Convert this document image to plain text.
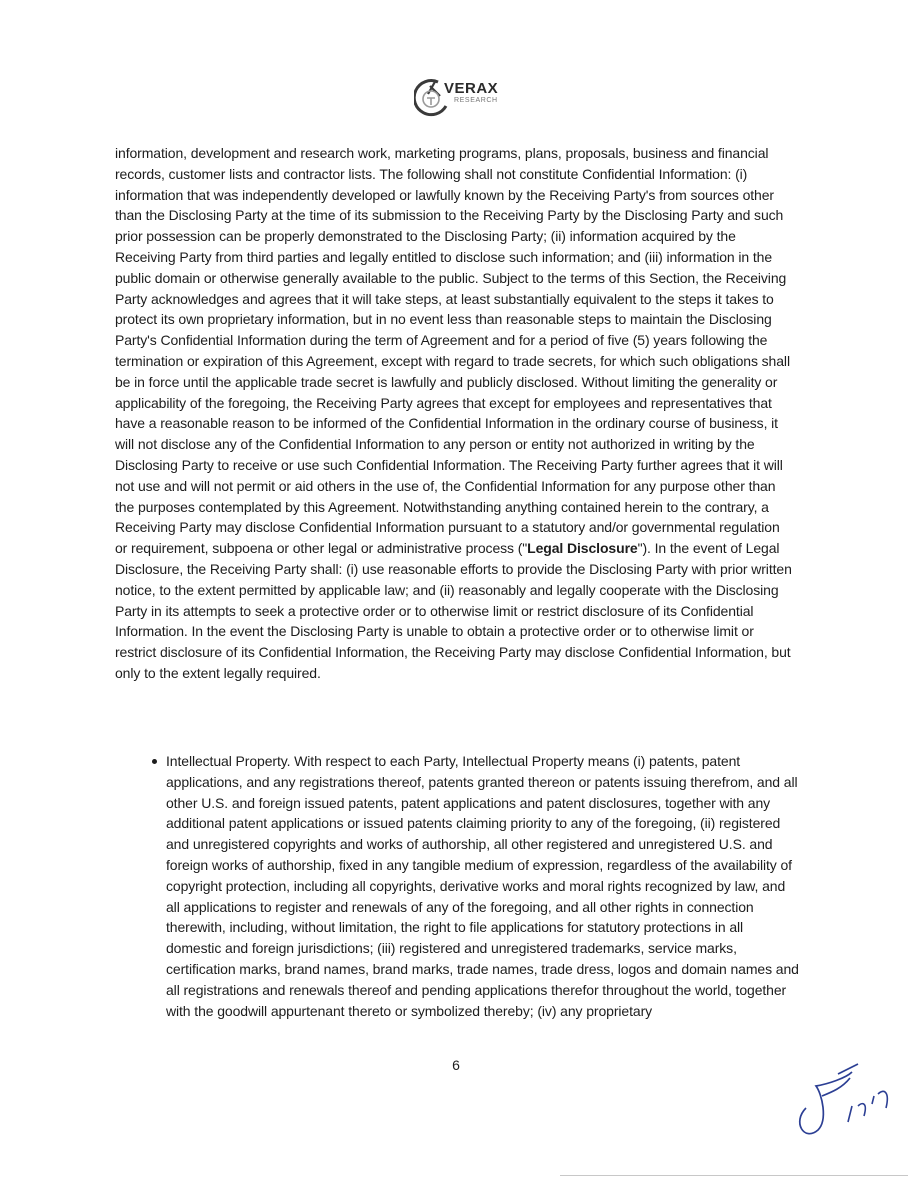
VERAX
RESEARCH

information, development and research work, marketing programs, plans, proposals, business and financial records, customer lists and contractor lists. The following shall not constitute Confidential Information: (i) information that was independently developed or lawfully known by the Receiving Party's from sources other than the Disclosing Party at the time of its submission to the Receiving Party by the Disclosing Party and such prior possession can be properly demonstrated to the Disclosing Party; (ii) information acquired by the Receiving Party from third parties and legally entitled to disclose such information; and (iii) information in the public domain or otherwise generally available to the public. Subject to the terms of this Section, the Receiving Party acknowledges and agrees that it will take steps, at least substantially equivalent to the steps it takes to protect its own proprietary information, but in no event less than reasonable steps to maintain the Disclosing Party's Confidential Information during the term of Agreement and for a period of five (5) years following the termination or expiration of this Agreement, except with regard to trade secrets, for which such obligations shall be in force until the applicable trade secret is lawfully and publicly disclosed. Without limiting the generality or applicability of the foregoing, the Receiving Party agrees that except for employees and representatives that have a reasonable reason to be informed of the Confidential Information in the ordinary course of business, it will not disclose any of the Confidential Information to any person or entity not authorized in writing by the Disclosing Party to receive or use such Confidential Information. The Receiving Party further agrees that it will not use and will not permit or aid others in the use of, the Confidential Information for any purpose other than the purposes contemplated by this Agreement. Notwithstanding anything contained herein to the contrary, a Receiving Party may disclose Confidential Information pursuant to a statutory and/or governmental regulation or requirement, subpoena or other legal or administrative process ("Legal Disclosure"). In the event of Legal Disclosure, the Receiving Party shall: (i) use reasonable efforts to provide the Disclosing Party with prior written notice, to the extent permitted by applicable law; and (ii) reasonably and legally cooperate with the Disclosing Party in its attempts to seek a protective order or to otherwise limit or restrict disclosure of its Confidential Information. In the event the Disclosing Party is unable to obtain a protective order or to otherwise limit or restrict disclosure of its Confidential Information, the Receiving Party may disclose Confidential Information, but only to the extent legally required.

Intellectual Property. With respect to each Party, Intellectual Property means (i) patents, patent applications, and any registrations thereof, patents granted thereon or patents issuing therefrom, and all other U.S. and foreign issued patents, patent applications and patent disclosures, together with any additional patent applications or issued patents claiming priority to any of the foregoing, (ii) registered and unregistered copyrights and works of authorship, all other registered and unregistered U.S. and foreign works of authorship, fixed in any tangible medium of expression, regardless of the availability of copyright protection, including all copyrights, derivative works and moral rights recognized by law, and all applications to register and renewals of any of the foregoing, and all other rights in connection therewith, including, without limitation, the right to file applications for statutory protections in all domestic and foreign jurisdictions; (iii) registered and unregistered trademarks, service marks, certification marks, brand names, brand marks, trade names, trade dress, logos and domain names and all registrations and renewals thereof and pending applications therefor throughout the world, together with the goodwill appurtenant thereto or symbolized thereby; (iv) any proprietary
6
